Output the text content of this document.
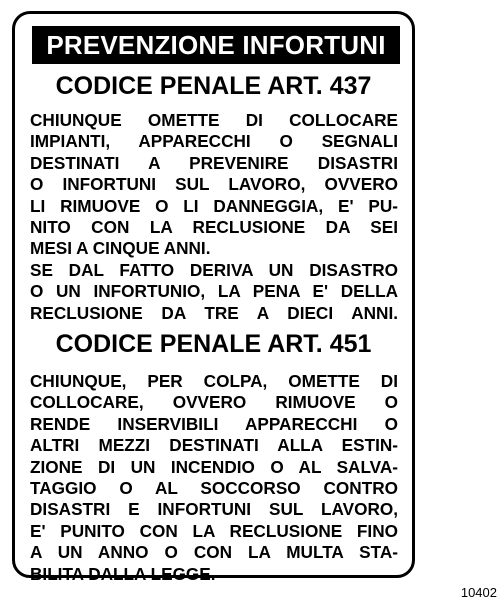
PREVENZIONE INFORTUNI
CODICE PENALE ART. 437
CHIUNQUE OMETTE DI COLLOCARE
IMPIANTI, APPARECCHI O SEGNALI
DESTINATI A PREVENIRE DISASTRI
O INFORTUNI SUL LAVORO, OVVERO
LI RIMUOVE O LI DANNEGGIA, E' PU-
NITO CON LA RECLUSIONE DA SEI
MESI A CINQUE ANNI.
SE DAL FATTO DERIVA UN DISASTRO
O UN INFORTUNIO, LA PENA E' DELLA
RECLUSIONE DA TRE A DIECI ANNI.
CODICE PENALE ART. 451
CHIUNQUE, PER COLPA, OMETTE DI
COLLOCARE, OVVERO RIMUOVE O
RENDE INSERVIBILI APPARECCHI O
ALTRI MEZZI DESTINATI ALLA ESTIN-
ZIONE DI UN INCENDIO O AL SALVA-
TAGGIO O AL SOCCORSO CONTRO
DISASTRI E INFORTUNI SUL LAVORO,
E' PUNITO CON LA RECLUSIONE FINO
A UN ANNO O CON LA MULTA STA-
BILITA DALLA LEGGE.
10402
